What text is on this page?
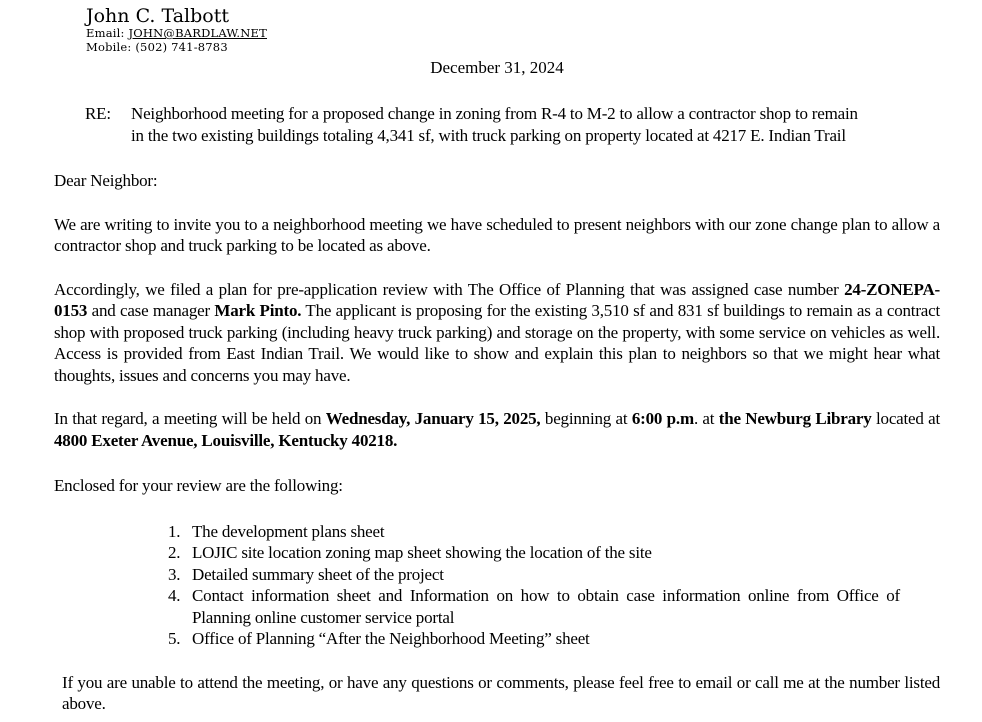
John C. Talbott
Email: JOHN@BARDLAW.NET
Mobile: (502) 741-8783
December 31, 2024
RE:	Neighborhood meeting for a proposed change in zoning from R-4 to M-2 to allow a contractor shop to remain in the two existing buildings totaling 4,341 sf, with truck parking on property located at 4217 E. Indian Trail
Dear Neighbor:

We are writing to invite you to a neighborhood meeting we have scheduled to present neighbors with our zone change plan to allow a contractor shop and truck parking to be located as above.

Accordingly, we filed a plan for pre-application review with The Office of Planning that was assigned case number 24-ZONEPA-0153 and case manager Mark Pinto. The applicant is proposing for the existing 3,510 sf and 831 sf buildings to remain as a contract shop with proposed truck parking (including heavy truck parking) and storage on the property, with some service on vehicles as well. Access is provided from East Indian Trail. We would like to show and explain this plan to neighbors so that we might hear what thoughts, issues and concerns you may have.

In that regard, a meeting will be held on Wednesday, January 15, 2025, beginning at 6:00 p.m. at the Newburg Library located at 4800 Exeter Avenue, Louisville, Kentucky 40218.

Enclosed for your review are the following:
1. The development plans sheet
2. LOJIC site location zoning map sheet showing the location of the site
3. Detailed summary sheet of the project
4. Contact information sheet and Information on how to obtain case information online from Office of Planning online customer service portal
5. Office of Planning “After the Neighborhood Meeting” sheet

If you are unable to attend the meeting, or have any questions or comments, please feel free to email or call me at the number listed above.
